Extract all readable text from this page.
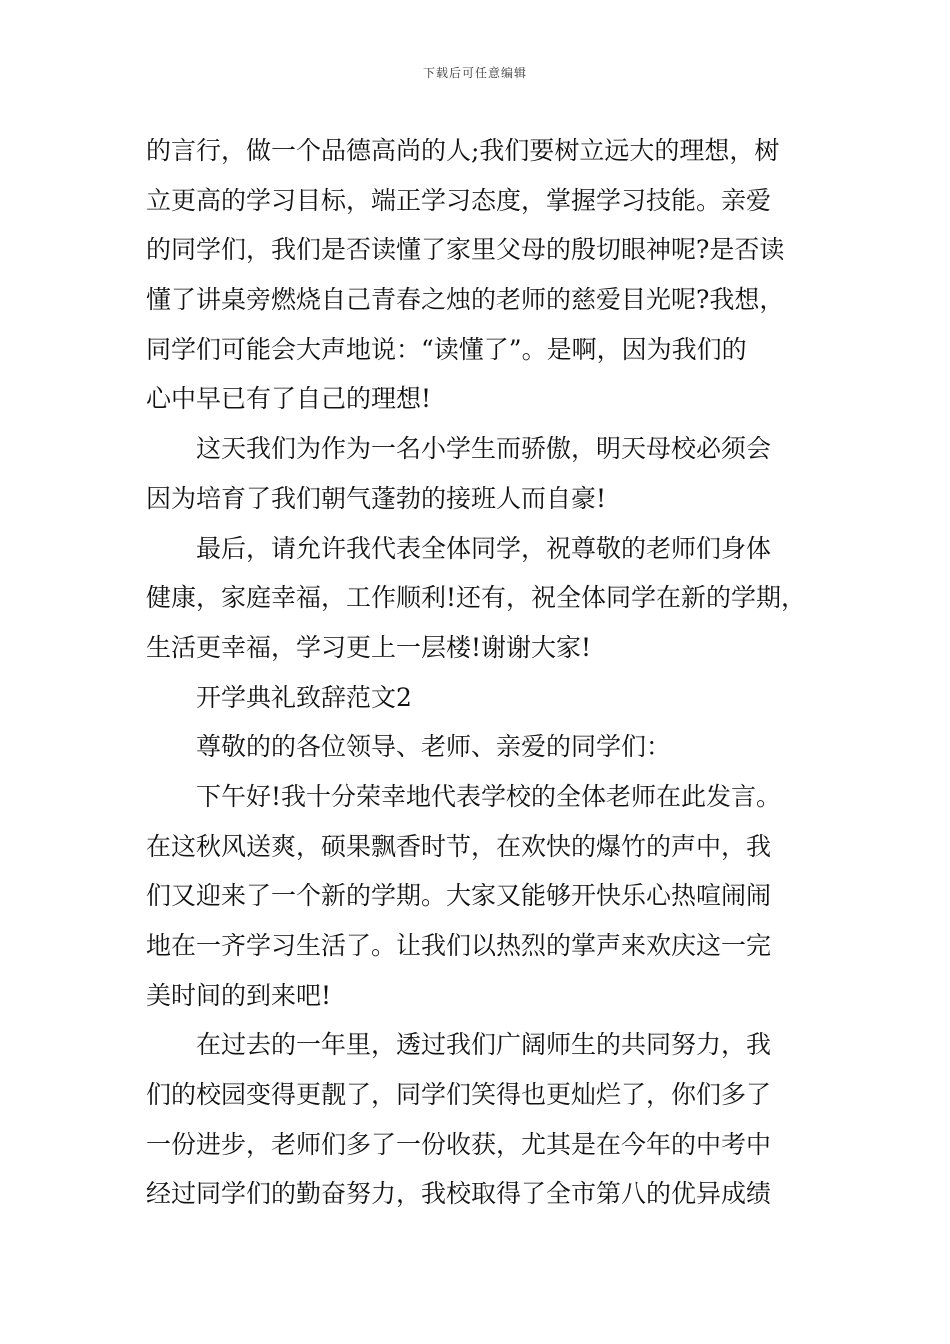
下载后可任意编辑
的言行，做一个品德高尚的人;我们要树立远大的理想，树
立更高的学习目标，端正学习态度，掌握学习技能。亲爱
的同学们，我们是否读懂了家里父母的殷切眼神呢?是否读
懂了讲桌旁燃烧自己青春之烛的老师的慈爱目光呢?我想，
同学们可能会大声地说：“读懂了”。是啊，因为我们的
心中早已有了自己的理想!
这天我们为作为一名小学生而骄傲，明天母校必须会
因为培育了我们朝气蓬勃的接班人而自豪!
最后，请允许我代表全体同学，祝尊敬的老师们身体
健康，家庭幸福，工作顺利!还有，祝全体同学在新的学期，
生活更幸福，学习更上一层楼!谢谢大家!
开学典礼致辞范文2
尊敬的的各位领导、老师、亲爱的同学们：
下午好!我十分荣幸地代表学校的全体老师在此发言。
在这秋风送爽，硕果飘香时节，在欢快的爆竹的声中，我
们又迎来了一个新的学期。大家又能够开快乐心热喧闹闹
地在一齐学习生活了。让我们以热烈的掌声来欢庆这一完
美时间的到来吧!
在过去的一年里，透过我们广阔师生的共同努力，我
们的校园变得更靓了，同学们笑得也更灿烂了，你们多了
一份进步，老师们多了一份收获，尤其是在今年的中考中
经过同学们的勤奋努力，我校取得了全市第八的优异成绩
